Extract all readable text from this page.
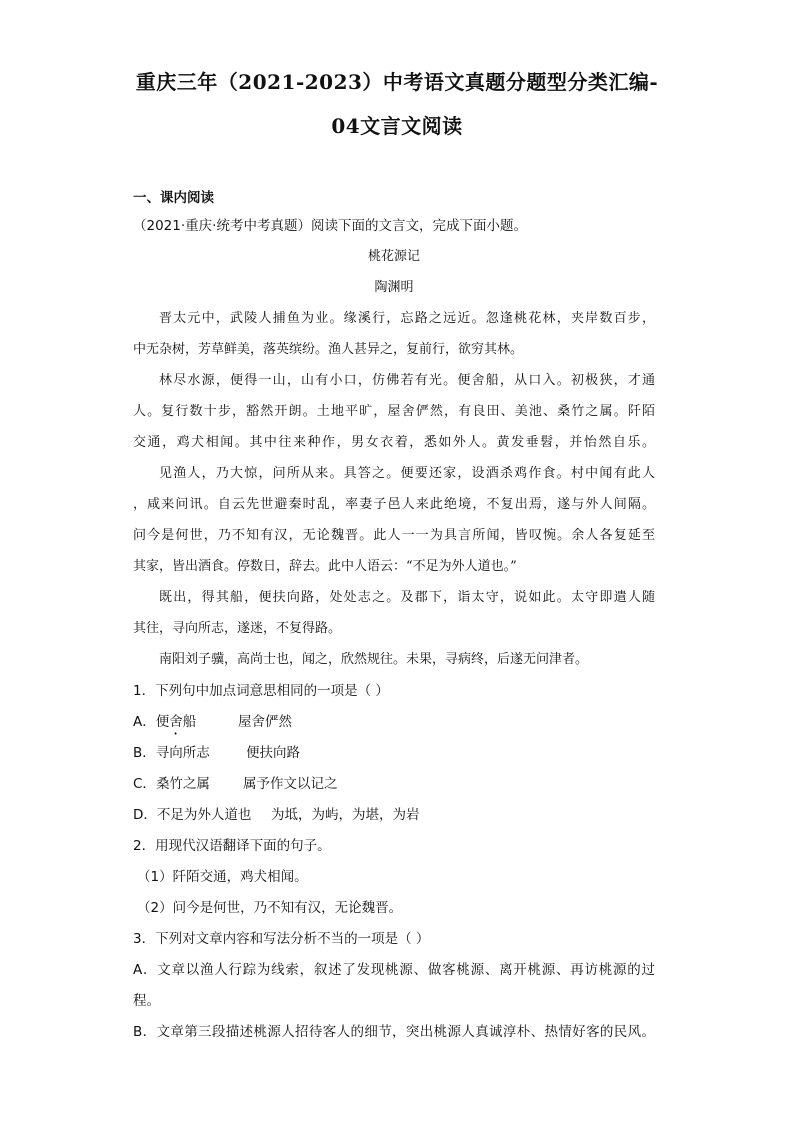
重庆三年（2021-2023）中考语文真题分题型分类汇编-
04文言文阅读
一、课内阅读
（2021·重庆·统考中考真题）阅读下面的文言文，完成下面小题。
桃花源记
陶渊明
晋太元中，武陵人捕鱼为业。缘溪行，忘路之远近。忽逢桃花林，夹岸数百步，
中无杂树，芳草鲜美，落英缤纷。渔人甚异之，复前行，欲穷其林。
林尽水源，便得一山，山有小口，仿佛若有光。便舍船，从口入。初极狭，才通
人。复行数十步，豁然开朗。土地平旷，屋舍俨然，有良田、美池、桑竹之属。阡陌
交通，鸡犬相闻。其中往来种作，男女衣着，悉如外人。黄发垂髫，并怡然自乐。
见渔人，乃大惊，问所从来。具答之。便要还家，设酒杀鸡作食。村中闻有此人
，咸来问讯。自云先世避秦时乱，率妻子邑人来此绝境，不复出焉，遂与外人间隔。
问今是何世，乃不知有汉，无论魏晋。此人一一为具言所闻，皆叹惋。余人各复延至
其家，皆出酒食。停数日，辞去。此中人语云：“不足为外人道也。”
既出，得其船，便扶向路，处处志之。及郡下，诣太守，说如此。太守即遣人随
其往，寻向所志，遂迷，不复得路。
南阳刘子骥，高尚士也，闻之，欣然规往。未果，寻病终，后遂无问津者。
1．下列句中加点词意思相同的一项是（ ）
A．便舍船	屋舍俨然
B．寻向所志	便扶向路
C．桑竹之属 属予作文以记之
D．不足为外人道也 为坻，为屿，为堪，为岩
2．用现代汉语翻译下面的句子。
（1）阡陌交通，鸡犬相闻。
（2）问今是何世，乃不知有汉，无论魏晋。
3．下列对文章内容和写法分析不当的一项是（ ）
A．文章以渔人行踪为线索，叙述了发现桃源、做客桃源、离开桃源、再访桃源的过
程。
B．文章第三段描述桃源人招待客人的细节，突出桃源人真诚淳朴、热情好客的民风。
